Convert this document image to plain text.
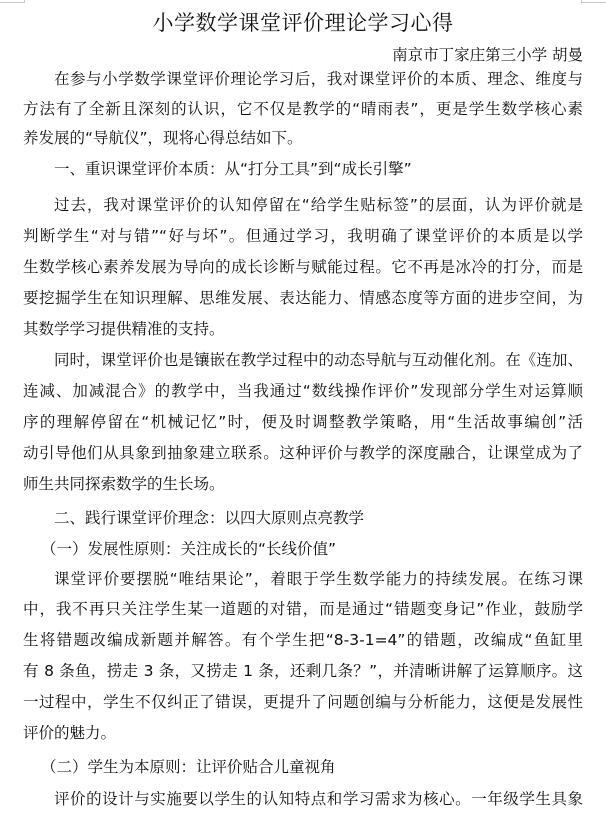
小学数学课堂评价理论学习心得
南京市丁家庄第三小学 胡曼
在参与小学数学课堂评价理论学习后，我对课堂评价的本质、理念、维度与
方法有了全新且深刻的认识，它不仅是教学的“晴雨表”，更是学生数学核心素
养发展的“导航仪”，现将心得总结如下。
一、重识课堂评价本质：从“打分工具”到“成长引擎”
过去，我对课堂评价的认知停留在“给学生贴标签”的层面，认为评价就是
判断学生“对与错”“好与坏”。但通过学习，我明确了课堂评价的本质是以学
生数学核心素养发展为导向的成长诊断与赋能过程。它不再是冰冷的打分，而是
要挖掘学生在知识理解、思维发展、表达能力、情感态度等方面的进步空间，为
其数学学习提供精准的支持。
同时，课堂评价也是镶嵌在教学过程中的动态导航与互动催化剂。在《连加、
连减、加减混合》的教学中，当我通过“数线操作评价”发现部分学生对运算顺
序的理解停留在“机械记忆”时，便及时调整教学策略，用“生活故事编创”活
动引导他们从具象到抽象建立联系。这种评价与教学的深度融合，让课堂成为了
师生共同探索数学的生长场。
二、践行课堂评价理念：以四大原则点亮教学
（一）发展性原则：关注成长的“长线价值”
课堂评价要摆脱“唯结果论”，着眼于学生数学能力的持续发展。在练习课
中，我不再只关注学生某一道题的对错，而是通过“错题变身记”作业，鼓励学
生将错题改编成新题并解答。有个学生把“8-3-1=4”的错题，改编成“鱼缸里
有 8 条鱼，捞走 3 条，又捞走 1 条，还剩几条？”，并清晰讲解了运算顺序。这
一过程中，学生不仅纠正了错误，更提升了问题创编与分析能力，这便是发展性
评价的魅力。
（二）学生为本原则：让评价贴合儿童视角
评价的设计与实施要以学生的认知特点和学习需求为核心。一年级学生具象
